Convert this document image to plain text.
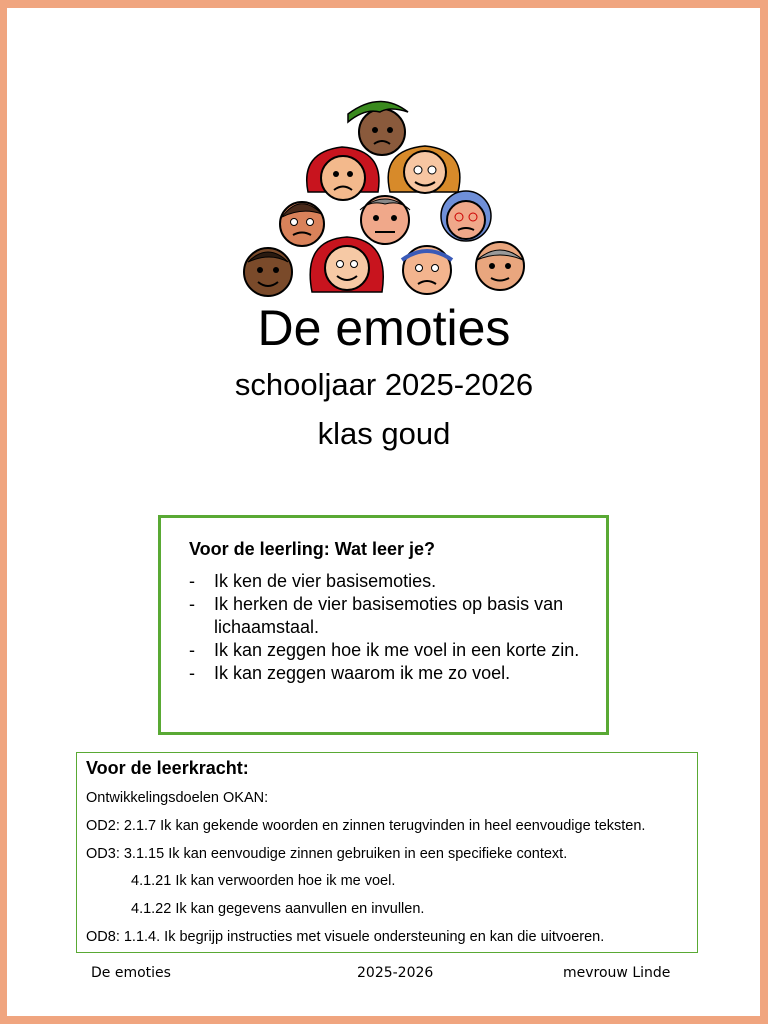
De emoties
schooljaar 2025-2026
klas goud
Voor de leerling: Wat leer je?
- Ik ken de vier basisemoties.
- Ik herken de vier basisemoties op basis van lichaamstaal.
- Ik kan zeggen hoe ik me voel in een korte zin.
- Ik kan zeggen waarom ik me zo voel.
Voor de leerkracht:
Ontwikkelingsdoelen OKAN:
OD2: 2.1.7 Ik kan gekende woorden en zinnen terugvinden in heel eenvoudige teksten.
OD3: 3.1.15 Ik kan eenvoudige zinnen gebruiken in een specifieke context.
4.1.21 Ik kan verwoorden hoe ik me voel.
4.1.22 Ik kan gegevens aanvullen en invullen.
OD8: 1.1.4. Ik begrijp instructies met visuele ondersteuning en kan die uitvoeren.
De emoties	2025-2026	mevrouw Linde
